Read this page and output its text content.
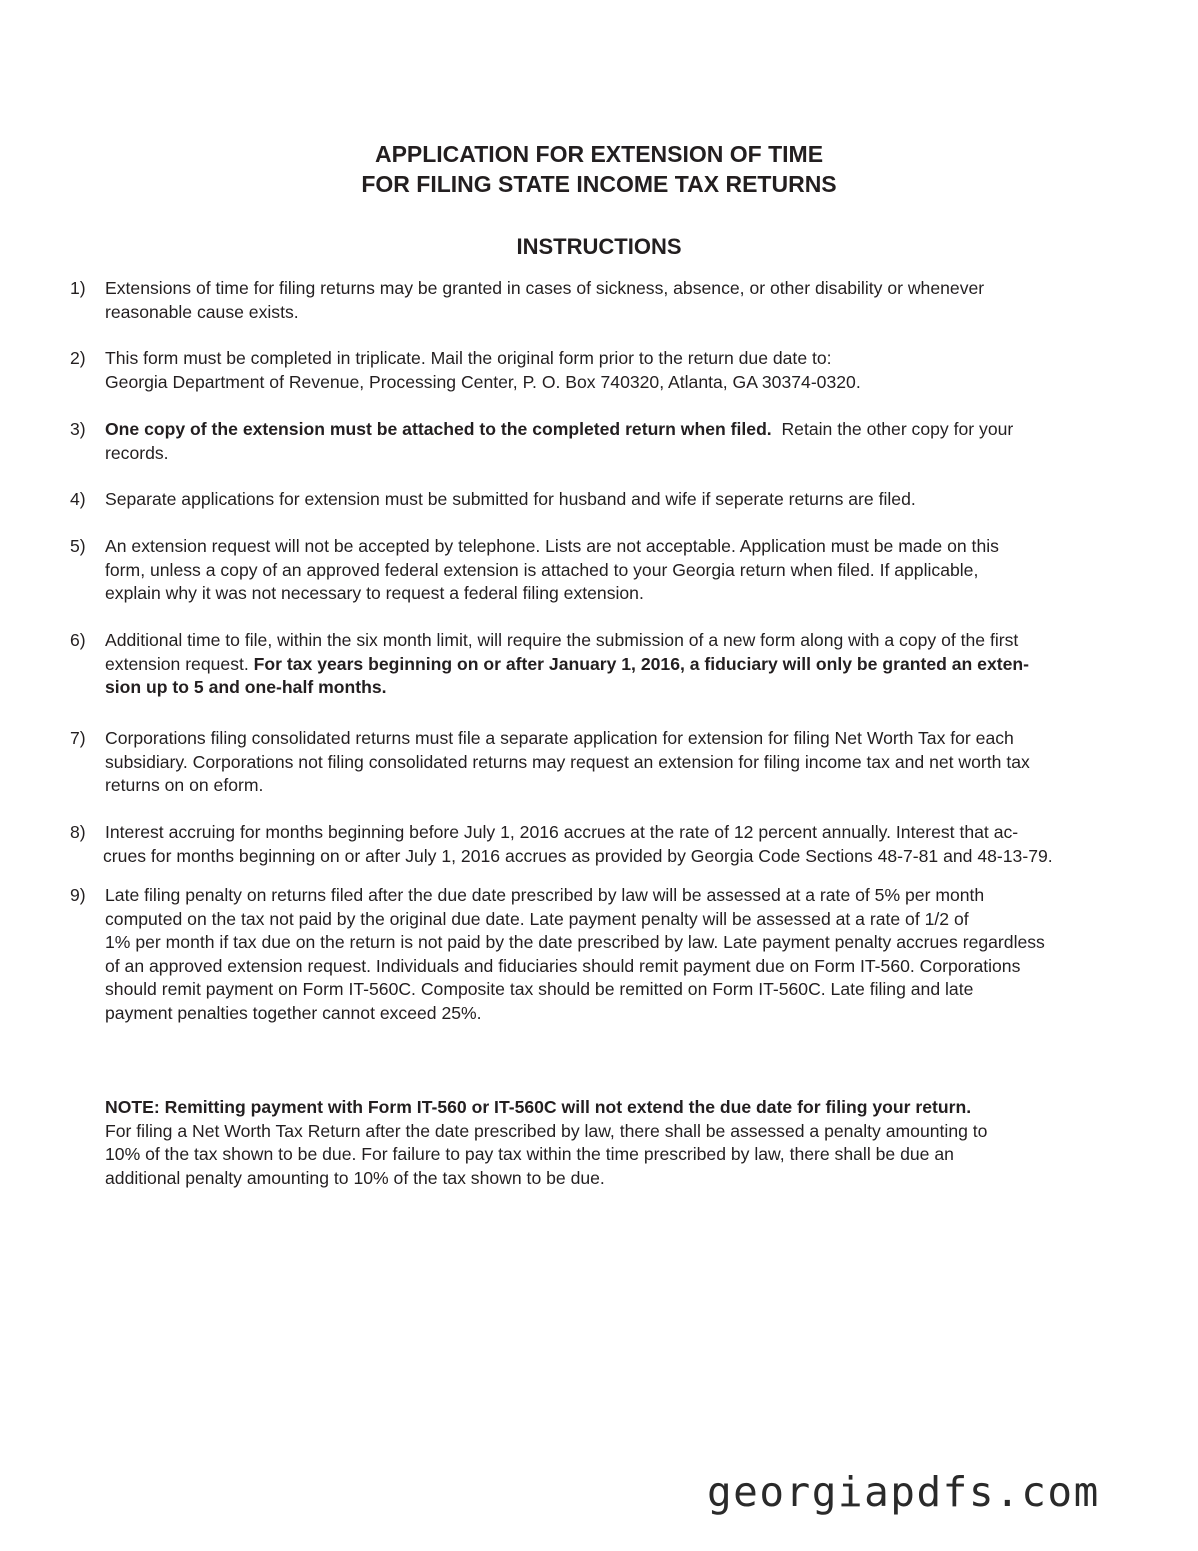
APPLICATION FOR EXTENSION OF TIME
FOR FILING STATE INCOME TAX RETURNS
INSTRUCTIONS
1) Extensions of time for filing returns may be granted in cases of sickness, absence, or other disability or whenever
reasonable cause exists.
2) This form must be completed in triplicate. Mail the original form prior to the return due date to:
Georgia Department of Revenue, Processing Center, P. O. Box 740320, Atlanta, GA 30374-0320.
3) One copy of the extension must be attached to the completed return when filed.  Retain the other copy for your
records.
4) Separate applications for extension must be submitted for husband and wife if seperate returns are filed.
5) An extension request will not be accepted by telephone. Lists are not acceptable. Application must be made on this
form, unless a copy of an approved federal extension is attached to your Georgia return when filed. If applicable,
explain why it was not necessary to request a federal filing extension.
6) Additional time to file, within the six month limit, will require the submission of a new form along with a copy of the first
extension request. For tax years beginning on or after January 1, 2016, a fiduciary will only be granted an exten-
sion up to 5 and one-half months.
7) Corporations filing consolidated returns must file a separate application for extension for filing Net Worth Tax for each
subsidiary. Corporations not filing consolidated returns may request an extension for filing income tax and net worth tax
returns on on eform.
8) Interest accruing for months beginning before July 1, 2016 accrues at the rate of 12 percent annually. Interest that ac-
crues for months beginning on or after July 1, 2016 accrues as provided by Georgia Code Sections 48-7-81 and 48-13-79.
9) Late filing penalty on returns filed after the due date prescribed by law will be assessed at a rate of 5% per month
computed on the tax not paid by the original due date. Late payment penalty will be assessed at a rate of 1/2 of
1% per month if tax due on the return is not paid by the date prescribed by law. Late payment penalty accrues regardless
of an approved extension request. Individuals and fiduciaries should remit payment due on Form IT-560. Corporations
should remit payment on Form IT-560C. Composite tax should be remitted on Form IT-560C. Late filing and late
payment penalties together cannot exceed 25%.
NOTE: Remitting payment with Form IT-560 or IT-560C will not extend the due date for filing your return.
For filing a Net Worth Tax Return after the date prescribed by law, there shall be assessed a penalty amounting to
10% of the tax shown to be due. For failure to pay tax within the time prescribed by law, there shall be due an
additional penalty amounting to 10% of the tax shown to be due.
georgiapdfs.com
